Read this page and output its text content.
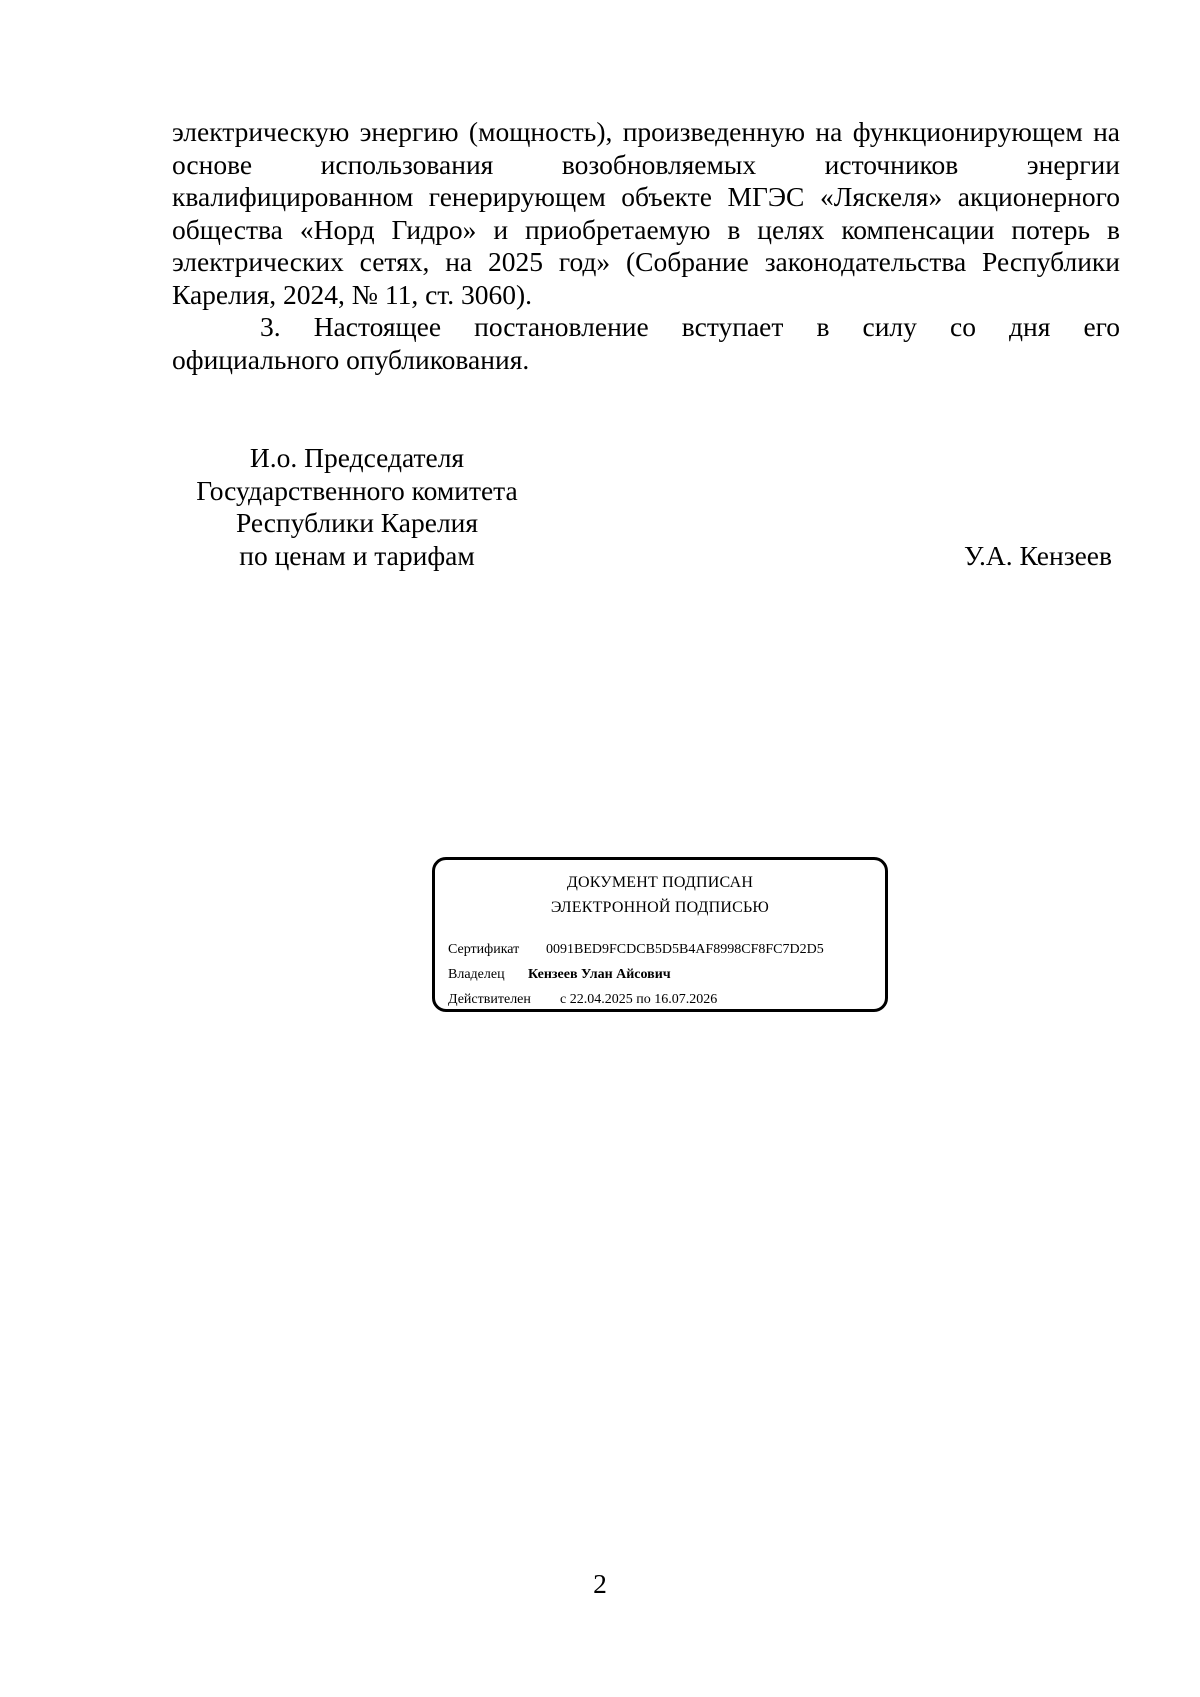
электрическую энергию (мощность), произведенную на функционирующем на
основе использования возобновляемых источников энергии
квалифицированном генерирующем объекте МГЭС «Ляскеля» акционерного
общества «Норд Гидро» и приобретаемую в целях компенсации потерь в
электрических сетях, на 2025 год» (Собрание законодательства Республики
Карелия, 2024, № 11, ст. 3060).

3. Настоящее постановление вступает в силу со дня его
официального опубликования.

И.о. Председателя
Государственного комитета
Республики Карелия
по ценам и тарифам	У.А. Кензеев
ДОКУМЕНТ ПОДПИСАН
ЭЛЕКТРОННОЙ ПОДПИСЬЮ
Сертификат 0091BED9FCDCB5D5B4AF8998CF8FC7D2D5
Владелец Кензеев Улан Айсович
Действителен с 22.04.2025 по 16.07.2026
2
